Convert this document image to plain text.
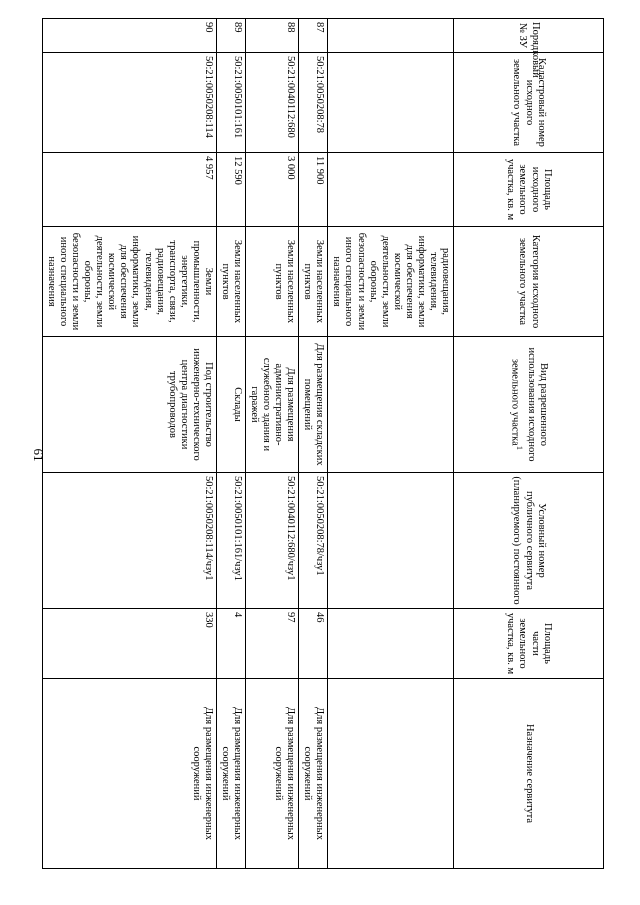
61
Порядковый № ЗУ	Кадастровый номер исходного земельного участка	Площадь исходного земельного участка, кв. м	Категория исходного земельного участка	Вид разрешенного использования исходного земельного участка$^1$	Условный номер публичного сервитута (планируемого) постоянного	Площадь части земельного участка, кв. м	Назначение сервитута
			радиовещания, телевидения, информатики, земли для обеспечения космической деятельности, земли обороны, безопасности и земли иного специального назначения				
87	50:21:0050208:78	11 900	Земли населенных пунктов	Для размещения складских помещений	50:21:0050208:78/чзу1	46	Для размещения инженерных сооружений
88	50:21:0040112:680	3 000	Земли населенных пунктов	Для размещения административно-служебного здания и гаражей	50:21:0040112:680/чзу1	97	Для размещения инженерных сооружений
89	50:21:0050101:161	12 590	Земли населенных пунктов	Склады	50:21:0050101:161/чзу1	4	Для размещения инженерных сооружений
90	50:21:0050208:114	4 957	Земли промышленности, энергетики, транспорта, связи, радиовещания, телевидения, информатики, земли для обеспечения космической деятельности, земли обороны, безопасности и земли иного специального назначения	Под строительство инженерно-технического центра диагностики трубопроводов	50:21:0050208:114/чзу1	330	Для размещения инженерных сооружений
